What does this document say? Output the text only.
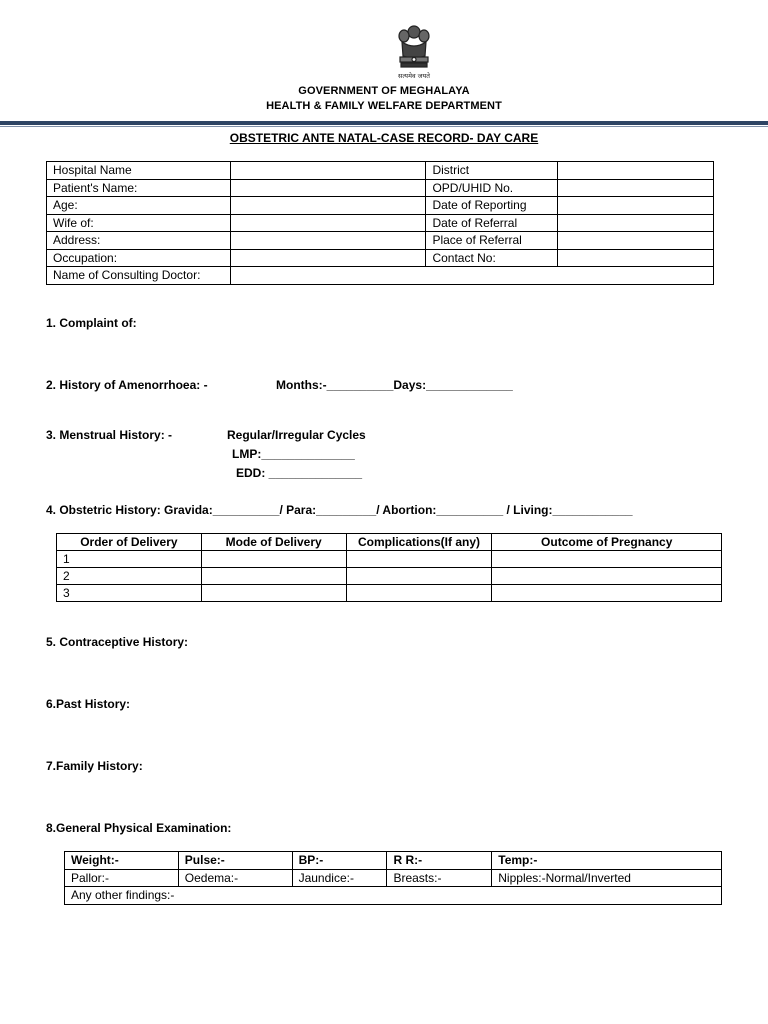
सत्यमेव जयते
GOVERNMENT OF MEGHALAYA
HEALTH & FAMILY WELFARE DEPARTMENT
OBSTETRIC ANTE NATAL-CASE RECORD- DAY CARE
Hospital Name		District	
Patient's Name:		OPD/UHID No.	
Age:		Date of Reporting	
Wife of:		Date of Referral	
Address:		Place of Referral	
Occupation:		Contact No:	
Name of Consulting Doctor:			
1. Complaint of:
2. History of Amenorrhoea: -	Months:-__________Days:_____________
3. Menstrual History: -	Regular/Irregular Cycles
LMP:______________
EDD: ______________
4. Obstetric History: Gravida:__________/ Para:_________/ Abortion:__________ / Living:____________
Order of Delivery	Mode of Delivery	Complications(If any)	Outcome of Pregnancy
1			
2			
3			
5. Contraceptive History:
6.Past History:
7.Family History:
8.General Physical Examination:
Weight:-	Pulse:-	BP:-	R R:-	Temp:-
Pallor:-	Oedema:-	Jaundice:-	Breasts:-	Nipples:-Normal/Inverted
Any other findings:-				
